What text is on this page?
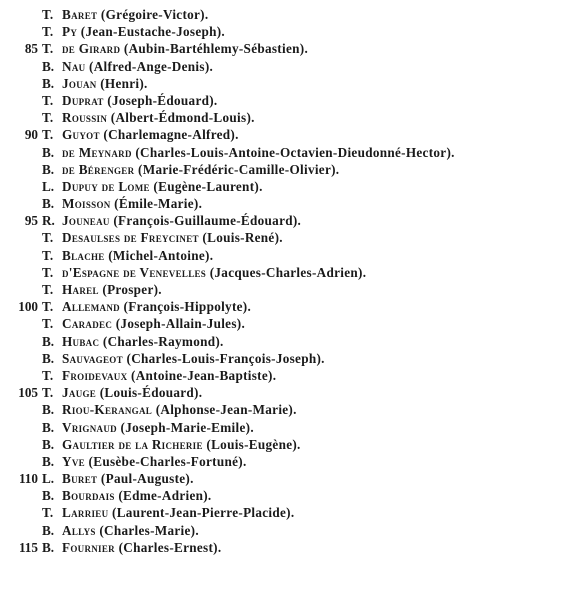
T. Baret (Grégoire-Victor).
T. Py (Jean-Eustache-Joseph).
85 T. de Girard (Aubin-Bartéhlemy-Sébastien).
B. Nau (Alfred-Ange-Denis).
B. Jouan (Henri).
T. Duprat (Joseph-Édouard).
T. Roussin (Albert-Édmond-Louis).
90 T. Guyot (Charlemagne-Alfred).
B. de Meynard (Charles-Louis-Antoine-Octavien-Dieudonné-Hector).
B. de Bérenger (Marie-Frédéric-Camille-Olivier).
L. Dupuy de Lome (Eugène-Laurent).
B. Moisson (Émile-Marie).
95 R. Jouneau (François-Guillaume-Édouard).
T. Desaulses de Freycinet (Louis-René).
T. Blache (Michel-Antoine).
T. d'Espagne de Venevelles (Jacques-Charles-Adrien).
T. Harel (Prosper).
100 T. Allemand (François-Hippolyte).
T. Caradec (Joseph-Allain-Jules).
B. Hubac (Charles-Raymond).
B. Sauvageot (Charles-Louis-François-Joseph).
T. Froidevaux (Antoine-Jean-Baptiste).
105 T. Jauge (Louis-Édouard).
B. Riou-Kerangal (Alphonse-Jean-Marie).
B. Vrignaud (Joseph-Marie-Emile).
B. Gaultier de la Richerie (Louis-Eugène).
B. Yve (Eusèbe-Charles-Fortuné).
110 L. Buret (Paul-Auguste).
B. Bourdais (Edme-Adrien).
T. Larrieu (Laurent-Jean-Pierre-Placide).
B. Allys (Charles-Marie).
115 B. Fournier (Charles-Ernest).
